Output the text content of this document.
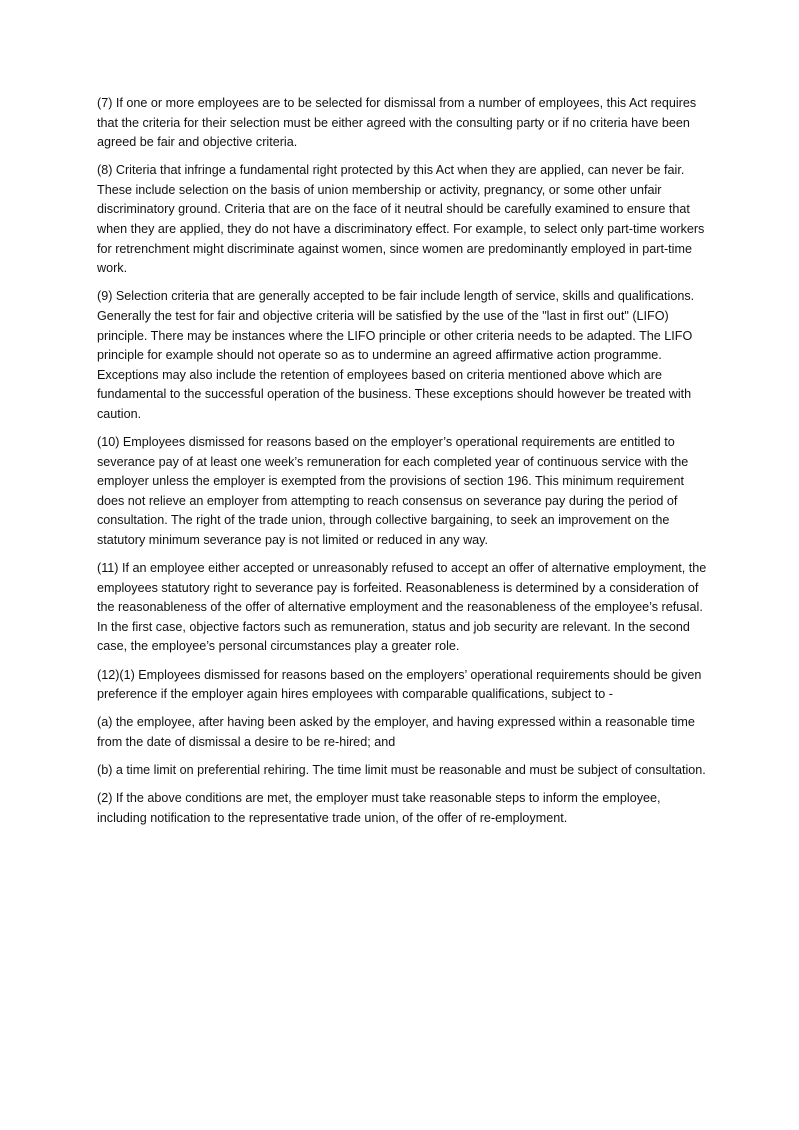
(7) If one or more employees are to be selected for dismissal from a number of employees, this Act requires that the criteria for their selection must be either agreed with the consulting party or if no criteria have been agreed be fair and objective criteria.

(8) Criteria that infringe a fundamental right protected by this Act when they are applied, can never be fair. These include selection on the basis of union membership or activity, pregnancy, or some other unfair discriminatory ground. Criteria that are on the face of it neutral should be carefully examined to ensure that when they are applied, they do not have a discriminatory effect. For example, to select only part-time workers for retrenchment might discriminate against women, since women are predominantly employed in part-time work.

(9) Selection criteria that are generally accepted to be fair include length of service, skills and qualifications. Generally the test for fair and objective criteria will be satisfied by the use of the "last in first out" (LIFO) principle. There may be instances where the LIFO principle or other criteria needs to be adapted. The LIFO principle for example should not operate so as to undermine an agreed affirmative action programme. Exceptions may also include the retention of employees based on criteria mentioned above which are fundamental to the successful operation of the business. These exceptions should however be treated with caution.

(10) Employees dismissed for reasons based on the employer’s operational requirements are entitled to severance pay of at least one week’s remuneration for each completed year of continuous service with the employer unless the employer is exempted from the provisions of section 196. This minimum requirement does not relieve an employer from attempting to reach consensus on severance pay during the period of consultation. The right of the trade union, through collective bargaining, to seek an improvement on the statutory minimum severance pay is not limited or reduced in any way.

(11) If an employee either accepted or unreasonably refused to accept an offer of alternative employment, the employees statutory right to severance pay is forfeited. Reasonableness is determined by a consideration of the reasonableness of the offer of alternative employment and the reasonableness of the employee’s refusal. In the first case, objective factors such as remuneration, status and job security are relevant. In the second case, the employee’s personal circumstances play a greater role.

(12)(1) Employees dismissed for reasons based on the employers’ operational requirements should be given preference if the employer again hires employees with comparable qualifications, subject to -

(a) the employee, after having been asked by the employer, and having expressed within a reasonable time from the date of dismissal a desire to be re-hired; and

(b) a time limit on preferential rehiring. The time limit must be reasonable and must be subject of consultation.

(2) If the above conditions are met, the employer must take reasonable steps to inform the employee, including notification to the representative trade union, of the offer of re-employment.
